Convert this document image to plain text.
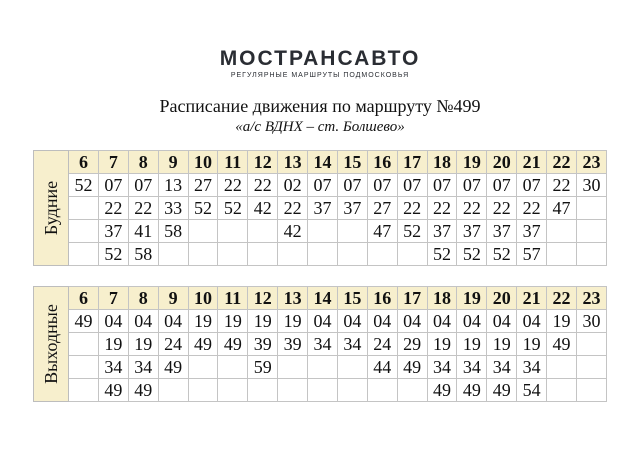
МОСТРАНСАВТО
РЕГУЛЯРНЫЕ МАРШРУТЫ ПОДМОСКОВЬЯ
Расписание движения по маршруту №499
«а/с ВДНХ – ст. Болшево»
Будние	6	7	8	9	10	11	12	13	14	15	16	17	18	19	20	21	22	23
	52	07	07	13	27	22	22	02	07	07	07	07	07	07	07	07	22	30
		22	22	33	52	52	42	22	37	37	27	22	22	22	22	22	47	
		37	41	58				42			47	52	37	37	37	37		
		52	58										52	52	52	57		
Выходные	6	7	8	9	10	11	12	13	14	15	16	17	18	19	20	21	22	23
	49	04	04	04	19	19	19	19	04	04	04	04	04	04	04	04	19	30
		19	19	24	49	49	39	39	34	34	24	29	19	19	19	19	49	
		34	34	49			59				44	49	34	34	34	34		
		49	49										49	49	49	54		
